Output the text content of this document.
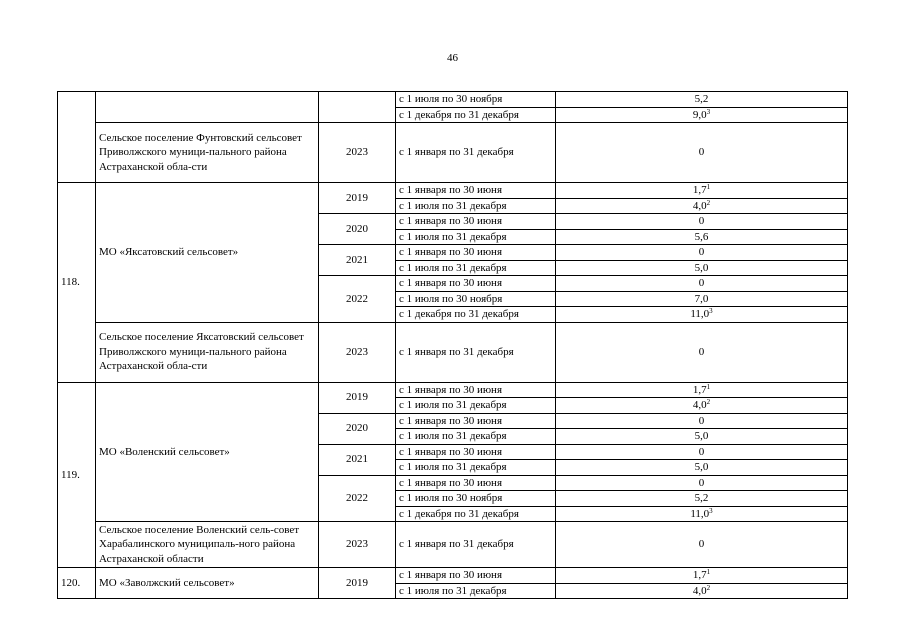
46
			с 1 июля по 30 ноября	5,2
			с 1 декабря по 31 декабря	$9,0^3$
	Сельское поселение Фунтовский сельсовет Приволжского муници-пального района Астраханской обла-сти	2023	с 1 января по 31 декабря	0
118.	МО «Яксатовский сельсовет»	2019	с 1 января по 30 июня	$1,7^1$
			с 1 июля по 31 декабря	$4,0^2$
		2020	с 1 января по 30 июня	0
			с 1 июля по 31 декабря	5,6
		2021	с 1 января по 30 июня	0
			с 1 июля по 31 декабря	5,0
		2022	с 1 января по 30 июня	0
			с 1 июля по 30 ноября	7,0
			с 1 декабря по 31 декабря	11,0$^3$
	Сельское поселение Яксатовский сельсовет Приволжского муници-пального района Астраханской обла-сти	2023	с 1 января по 31 декабря	0
119.	МО «Воленский сельсовет»	2019	с 1 января по 30 июня	$1,7^1$
			с 1 июля по 31 декабря	$4,0^2$
		2020	с 1 января по 30 июня	0
			с 1 июля по 31 декабря	5,0
		2021	с 1 января по 30 июня	0
			с 1 июля по 31 декабря	5,0
		2022	с 1 января по 30 июня	0
			с 1 июля по 30 ноября	5,2
			с 1 декабря по 31 декабря	11,0$^3$
	Сельское поселение Воленский сель-совет Харабалинского муниципаль-ного района Астраханской области	2023	с 1 января по 31 декабря	0
120.	МО «Заволжский сельсовет»	2019	с 1 января по 30 июня	$1,7^1$
			с 1 июля по 31 декабря	$4,0^2$
